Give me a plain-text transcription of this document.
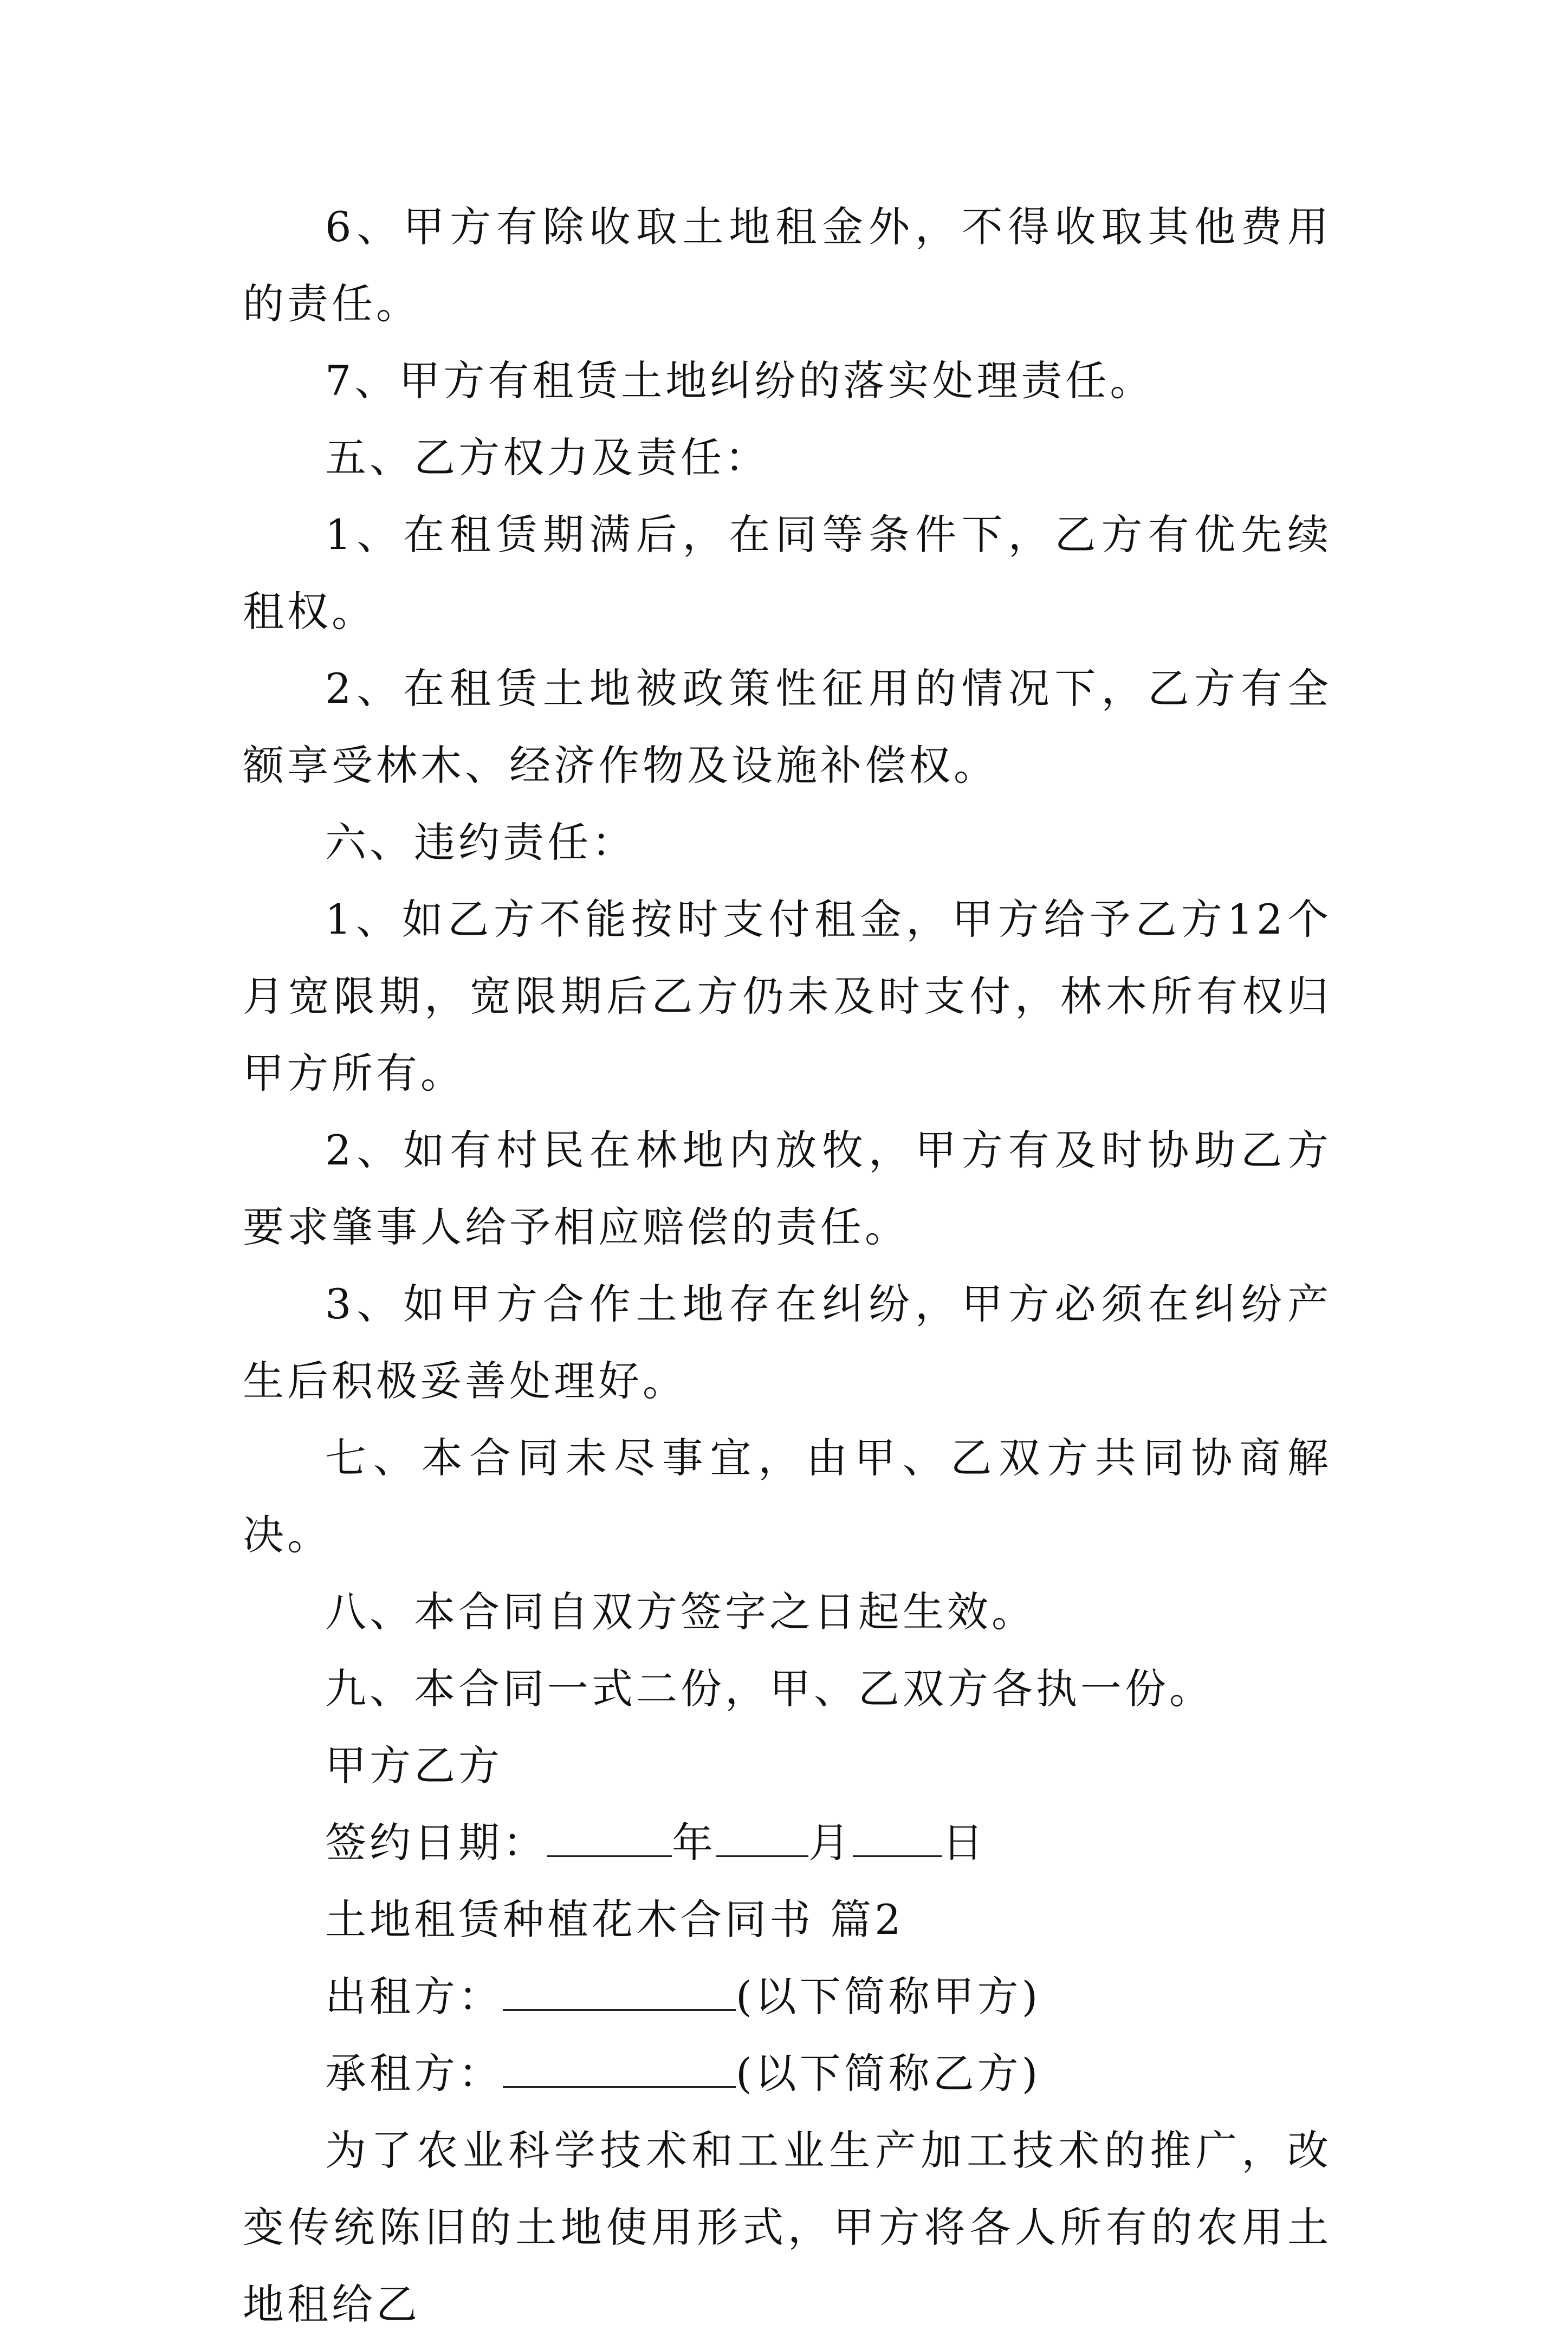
6、甲方有除收取土地租金外，不得收取其他费用的责任。

7、甲方有租赁土地纠纷的落实处理责任。

五、乙方权力及责任：

1、在租赁期满后，在同等条件下，乙方有优先续租权。

2、在租赁土地被政策性征用的情况下，乙方有全额享受林木、经济作物及设施补偿权。

六、违约责任：

1、如乙方不能按时支付租金，甲方给予乙方12个月宽限期，宽限期后乙方仍未及时支付，林木所有权归甲方所有。

2、如有村民在林地内放牧，甲方有及时协助乙方要求肇事人给予相应赔偿的责任。

3、如甲方合作土地存在纠纷，甲方必须在纠纷产生后积极妥善处理好。

七、本合同未尽事宜，由甲、乙双方共同协商解决。

八、本合同自双方签字之日起生效。

九、本合同一式二份，甲、乙双方各执一份。

甲方乙方

签约日期：	年 月 日

土地租赁种植花木合同书 篇2

出租方：	(以下简称甲方)

承租方：	(以下简称乙方)

为了农业科学技术和工业生产加工技术的推广，改变传统陈旧的土地使用形式，甲方将各人所有的农用土地租给乙
